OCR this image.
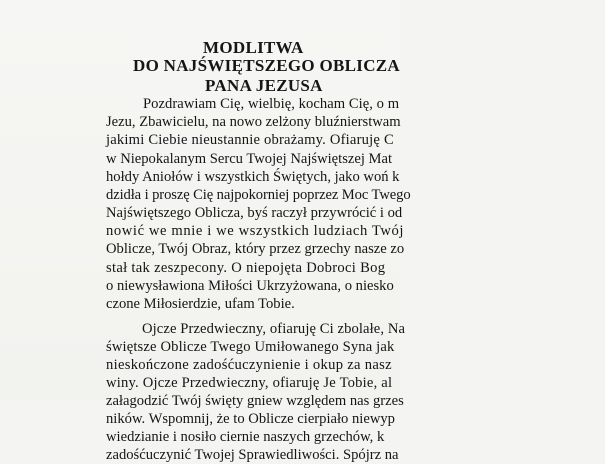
MODLITWA
DO NAJŚWIĘTSZEGO OBLICZA
PANA JEZUSA
Pozdrawiam Cię, wielbię, kocham Cię, o m
Jezu, Zbawicielu, na nowo zelżony bluźnierstwam
jakimi Ciebie nieustannie obrażamy. Ofiaruję C
w Niepokalanym Sercu Twojej Najświętszej Mat
hołdy Aniołów i wszystkich Świętych, jako woń k
dzidła i proszę Cię najpokorniej poprzez Moc Twego
Najświętszego Oblicza, byś raczył przywrócić i od
nowić we mnie i we wszystkich ludziach Twój
Oblicze, Twój Obraz, który przez grzechy nasze zo
stał tak zeszpecony. O niepojęta Dobroci Bog
o niewysławiona Miłości Ukrzyżowana, o niesko
czone Miłosierdzie, ufam Tobie.
Ojcze Przedwieczny, ofiaruję Ci zbolałe, Na
świętsze Oblicze Twego Umiłowanego Syna jak
nieskończone zadośćuczynienie i okup za nasz
winy. Ojcze Przedwieczny, ofiaruję Je Tobie, al
załagodzić Twój święty gniew względem nas grzes
ników. Wspomnij, że to Oblicze cierpiało niewyp
wiedzianie i nosiło ciernie naszych grzechów, k
zadośćuczynić Twojej Sprawiedliwości. Spójrz na
